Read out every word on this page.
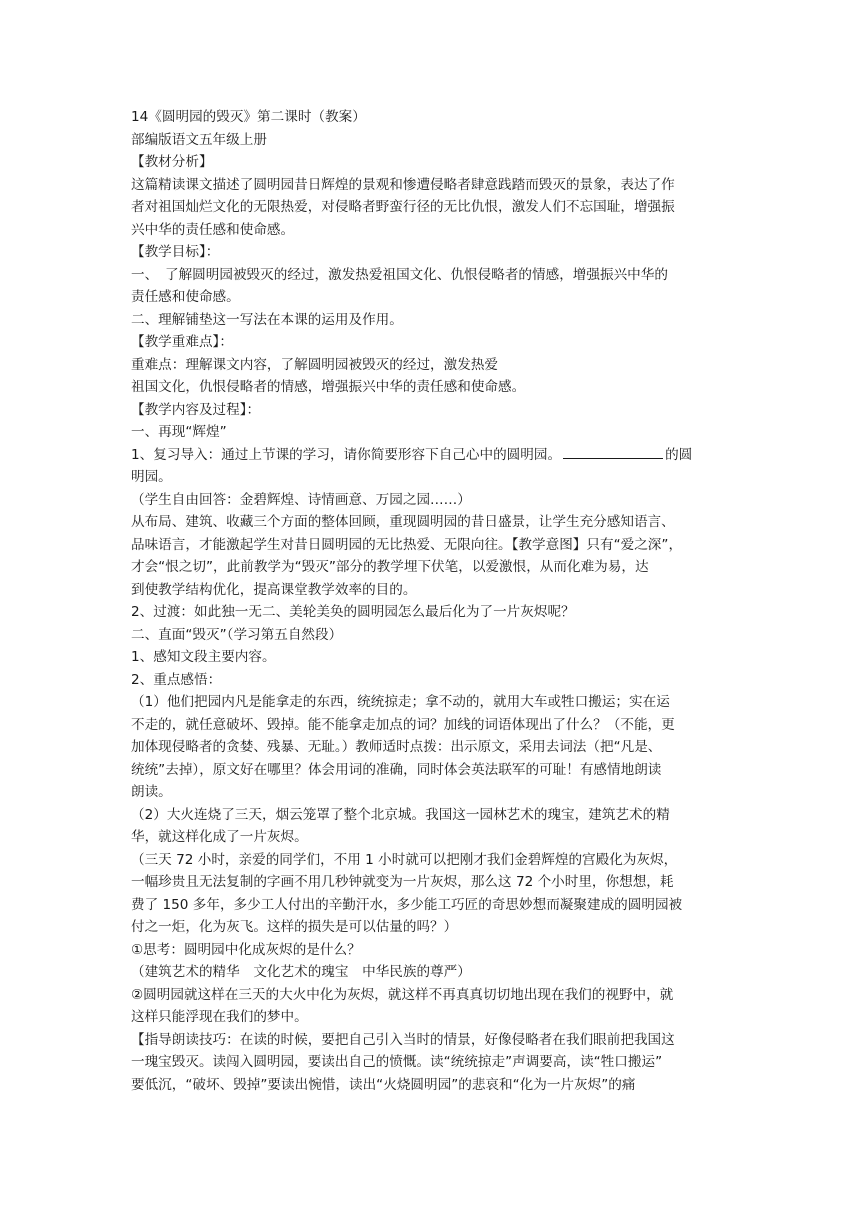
14《圆明园的毁灭》第二课时（教案）
部编版语文五年级上册
【教材分析】
这篇精读课文描述了圆明园昔日辉煌的景观和惨遭侵略者肆意践踏而毁灭的景象，表达了作
者对祖国灿烂文化的无限热爱，对侵略者野蛮行径的无比仇恨，激发人们不忘国耻，增强振
兴中华的责任感和使命感。
【教学目标】：
一、　了解圆明园被毁灭的经过，激发热爱祖国文化、仇恨侵略者的情感，增强振兴中华的
责任感和使命感。
二、理解铺垫这一写法在本课的运用及作用。
【教学重难点】：
重难点：理解课文内容，了解圆明园被毁灭的经过，激发热爱
祖国文化，仇恨侵略者的情感，增强振兴中华的责任感和使命感。
【教学内容及过程】：
一、再现“辉煌”
1、复习导入：通过上节课的学习，请你简要形容下自己心中的圆明园。	的圆
明园。
（学生自由回答：金碧辉煌、诗情画意、万园之园……）
从布局、建筑、收藏三个方面的整体回顾，重现圆明园的昔日盛景，让学生充分感知语言、
品味语言，才能激起学生对昔日圆明园的无比热爱、无限向往。【教学意图】只有“爱之深”，
才会“恨之切”，此前教学为“毁灭”部分的教学埋下伏笔，以爱激恨，从而化难为易，达
到使教学结构优化，提高课堂教学效率的目的。
2、过渡：如此独一无二、美轮美奂的圆明园怎么最后化为了一片灰烬呢？
二、直面“毁灭”（学习第五自然段）
1、感知文段主要内容。
2、重点感悟：
（1）他们把园内凡是能拿走的东西，统统掠走；拿不动的，就用大车或牲口搬运；实在运
不走的，就任意破坏、毁掉。能不能拿走加点的词？加线的词语体现出了什么？（不能，更
加体现侵略者的贪婪、残暴、无耻。）教师适时点拨：出示原文，采用去词法（把“凡是、
统统”去掉），原文好在哪里？体会用词的准确，同时体会英法联军的可耻！有感情地朗读
朗读。
（2）大火连烧了三天，烟云笼罩了整个北京城。我国这一园林艺术的瑰宝，建筑艺术的精
华，就这样化成了一片灰烬。
（三天 72 小时，亲爱的同学们，不用 1 小时就可以把刚才我们金碧辉煌的宫殿化为灰烬，
一幅珍贵且无法复制的字画不用几秒钟就变为一片灰烬，那么这 72 个小时里，你想想，耗
费了 150 多年，多少工人付出的辛勤汗水，多少能工巧匠的奇思妙想而凝聚建成的圆明园被
付之一炬，化为灰飞。这样的损失是可以估量的吗？）
①思考：圆明园中化成灰烬的是什么？
（建筑艺术的精华　文化艺术的瑰宝　中华民族的尊严）
②圆明园就这样在三天的大火中化为灰烬，就这样不再真真切切地出现在我们的视野中，就
这样只能浮现在我们的梦中。
【指导朗读技巧：在读的时候，要把自己引入当时的情景，好像侵略者在我们眼前把我国这
一瑰宝毁灭。读闯入圆明园，要读出自己的愤慨。读“统统掠走”声调要高，读“牲口搬运”
要低沉，“破坏、毁掉”要读出惋惜，读出“火烧圆明园”的悲哀和“化为一片灰烬”的痛
